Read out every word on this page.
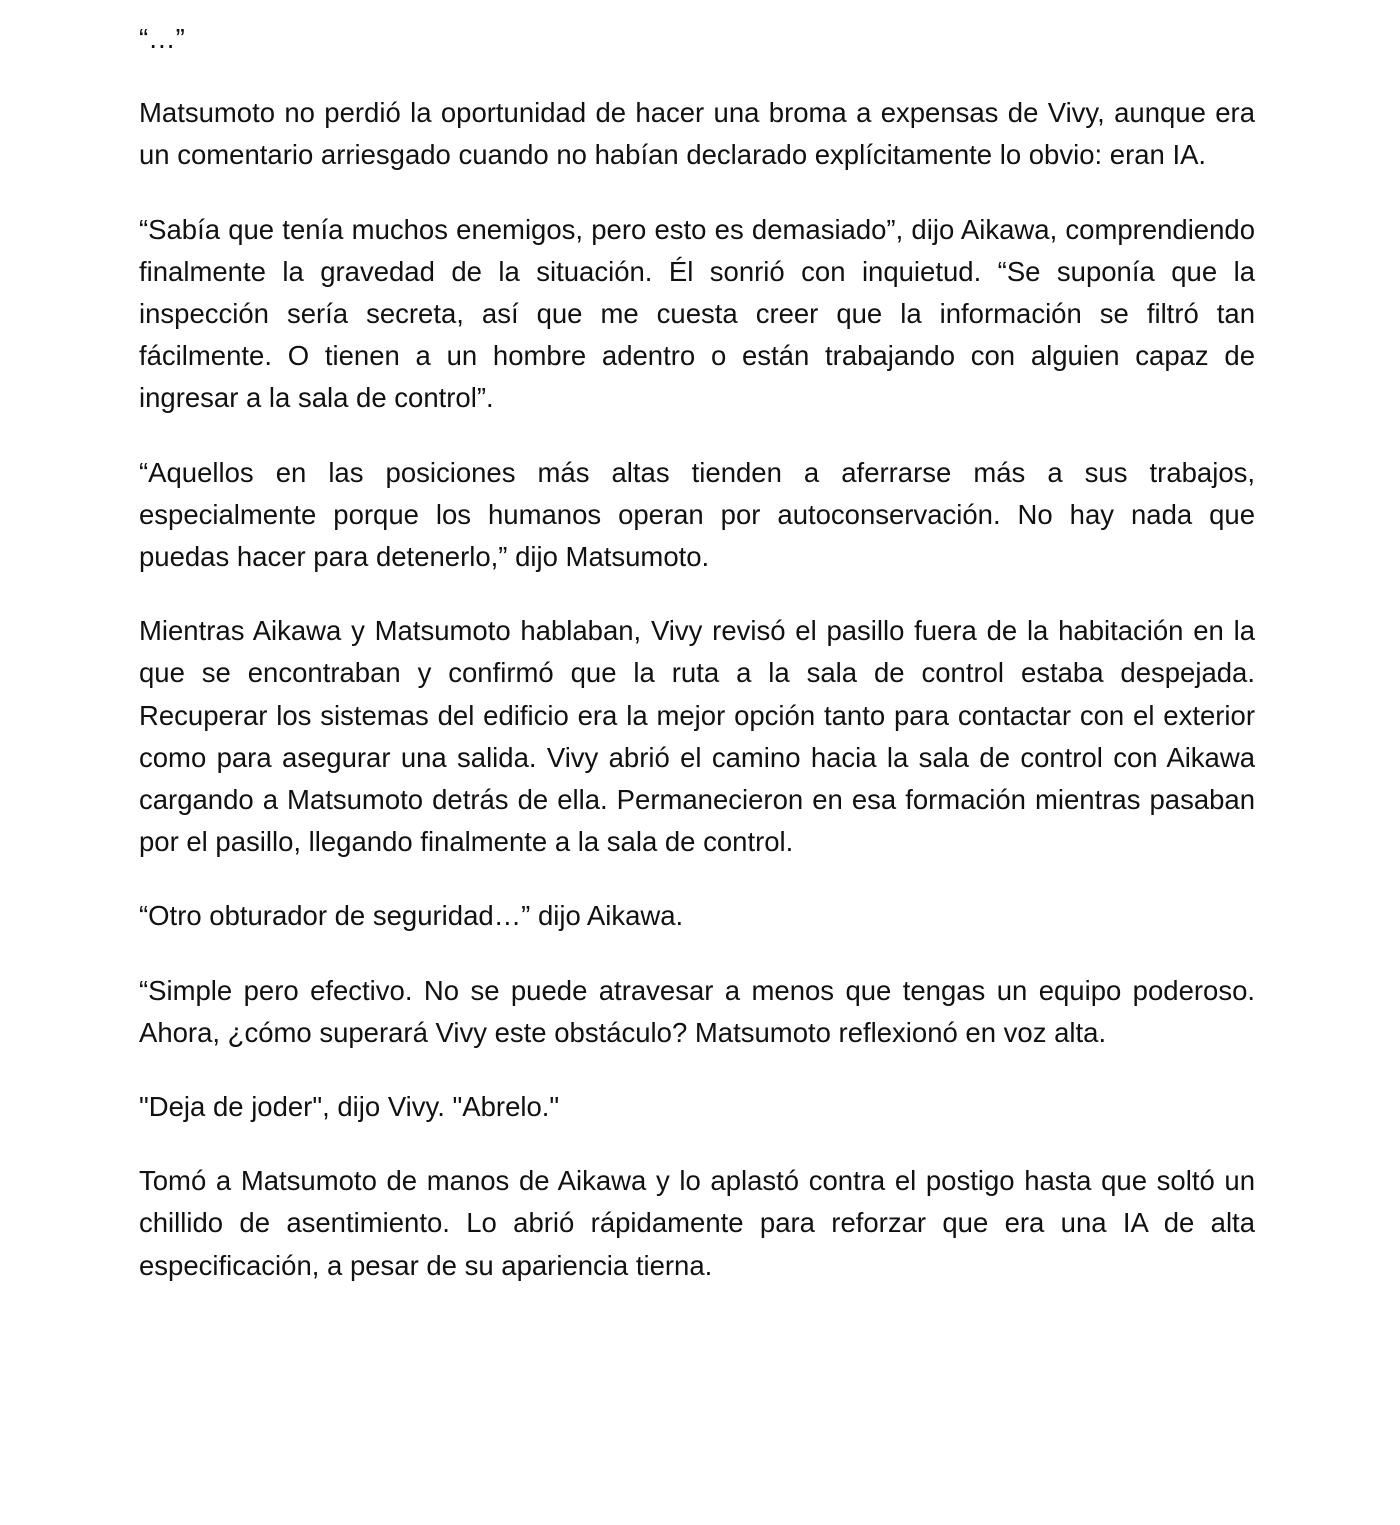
“…”

Matsumoto no perdió la oportunidad de hacer una broma a expensas de Vivy, aunque era un comentario arriesgado cuando no habían declarado explícitamente lo obvio: eran IA.

“Sabía que tenía muchos enemigos, pero esto es demasiado”, dijo Aikawa, comprendiendo finalmente la gravedad de la situación. Él sonrió con inquietud. “Se suponía que la inspección sería secreta, así que me cuesta creer que la información se filtró tan fácilmente. O tienen a un hombre adentro o están trabajando con alguien capaz de ingresar a la sala de control”.

“Aquellos en las posiciones más altas tienden a aferrarse más a sus trabajos, especialmente porque los humanos operan por autoconservación. No hay nada que puedas hacer para detenerlo,” dijo Matsumoto.

Mientras Aikawa y Matsumoto hablaban, Vivy revisó el pasillo fuera de la habitación en la que se encontraban y confirmó que la ruta a la sala de control estaba despejada. Recuperar los sistemas del edificio era la mejor opción tanto para contactar con el exterior como para asegurar una salida. Vivy abrió el camino hacia la sala de control con Aikawa cargando a Matsumoto detrás de ella. Permanecieron en esa formación mientras pasaban por el pasillo, llegando finalmente a la sala de control.

“Otro obturador de seguridad…” dijo Aikawa.

“Simple pero efectivo. No se puede atravesar a menos que tengas un equipo poderoso. Ahora, ¿cómo superará Vivy este obstáculo? Matsumoto reflexionó en voz alta.

"Deja de joder", dijo Vivy. "Abrelo."

Tomó a Matsumoto de manos de Aikawa y lo aplastó contra el postigo hasta que soltó un chillido de asentimiento. Lo abrió rápidamente para reforzar que era una IA de alta especificación, a pesar de su apariencia tierna.
